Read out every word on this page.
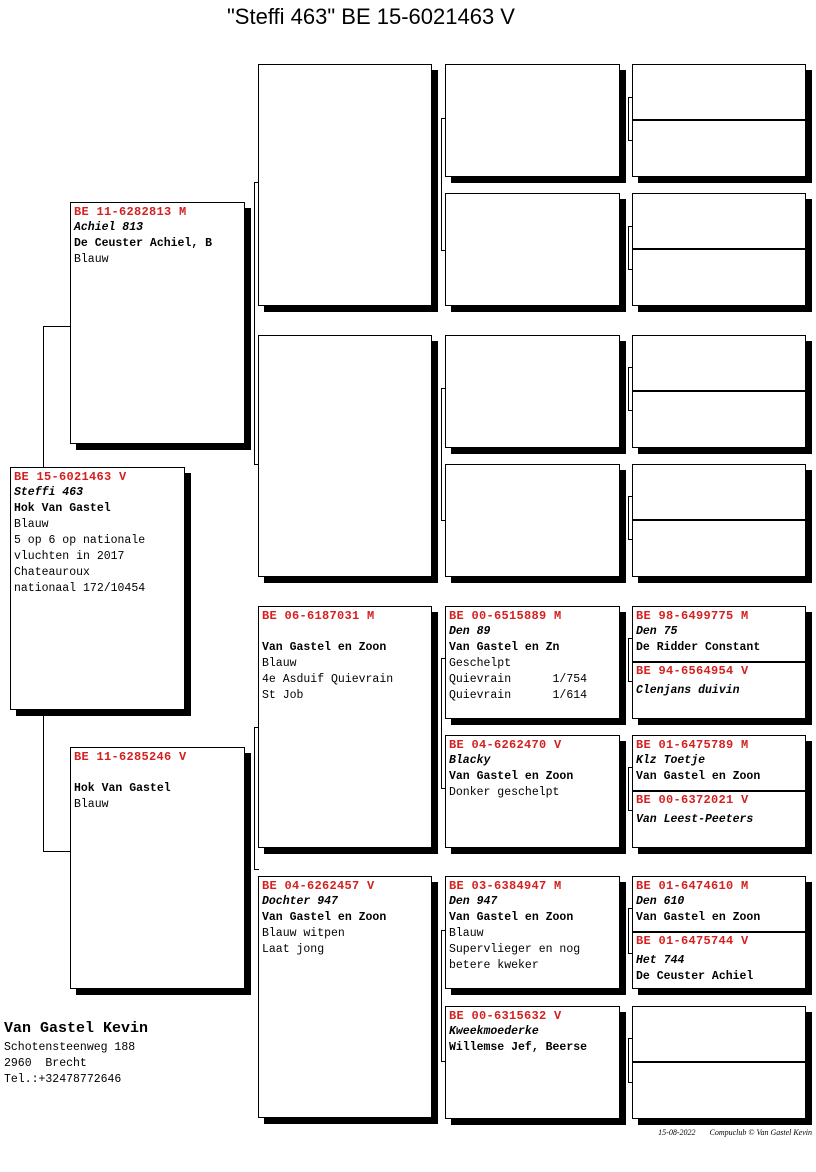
"Steffi 463" BE 15-6021463 V
BE 15-6021463 V
Steffi 463
Hok Van Gastel
Blauw
5 op 6 op nationale
vluchten in 2017
Chateauroux
nationaal 172/10454
BE 11-6282813 M
Achiel 813
De Ceuster Achiel, B
Blauw
BE 11-6285246 V
Hok Van Gastel
Blauw
BE 06-6187031 M
Van Gastel en Zoon
Blauw
4e Asduif Quievrain
St Job
BE 04-6262457 V
Dochter 947
Van Gastel en Zoon
Blauw witpen
Laat jong
BE 00-6515889 M
Den 89
Van Gastel en Zn
Geschelpt
Quievrain      1/754
Quievrain      1/614
BE 04-6262470 V
Blacky
Van Gastel en Zoon
Donker geschelpt
BE 03-6384947 M
Den 947
Van Gastel en Zoon
Blauw
Supervlieger en nog
betere kweker
BE 00-6315632 V
Kweekmoederke
Willemse Jef, Beerse
BE 98-6499775 M
Den 75
De Ridder Constant
BE 94-6564954 V
Clenjans duivin
BE 01-6475789 M
Klz Toetje
Van Gastel en Zoon
BE 00-6372021 V
Van Leest-Peeters
BE 01-6474610 M
Den 610
Van Gastel en Zoon
BE 01-6475744 V
Het 744
De Ceuster Achiel
Van Gastel Kevin
Schotensteenweg 188
2960  Brecht
Tel.:+32478772646
15-08-2022 Compuclub © Van Gastel Kevin
